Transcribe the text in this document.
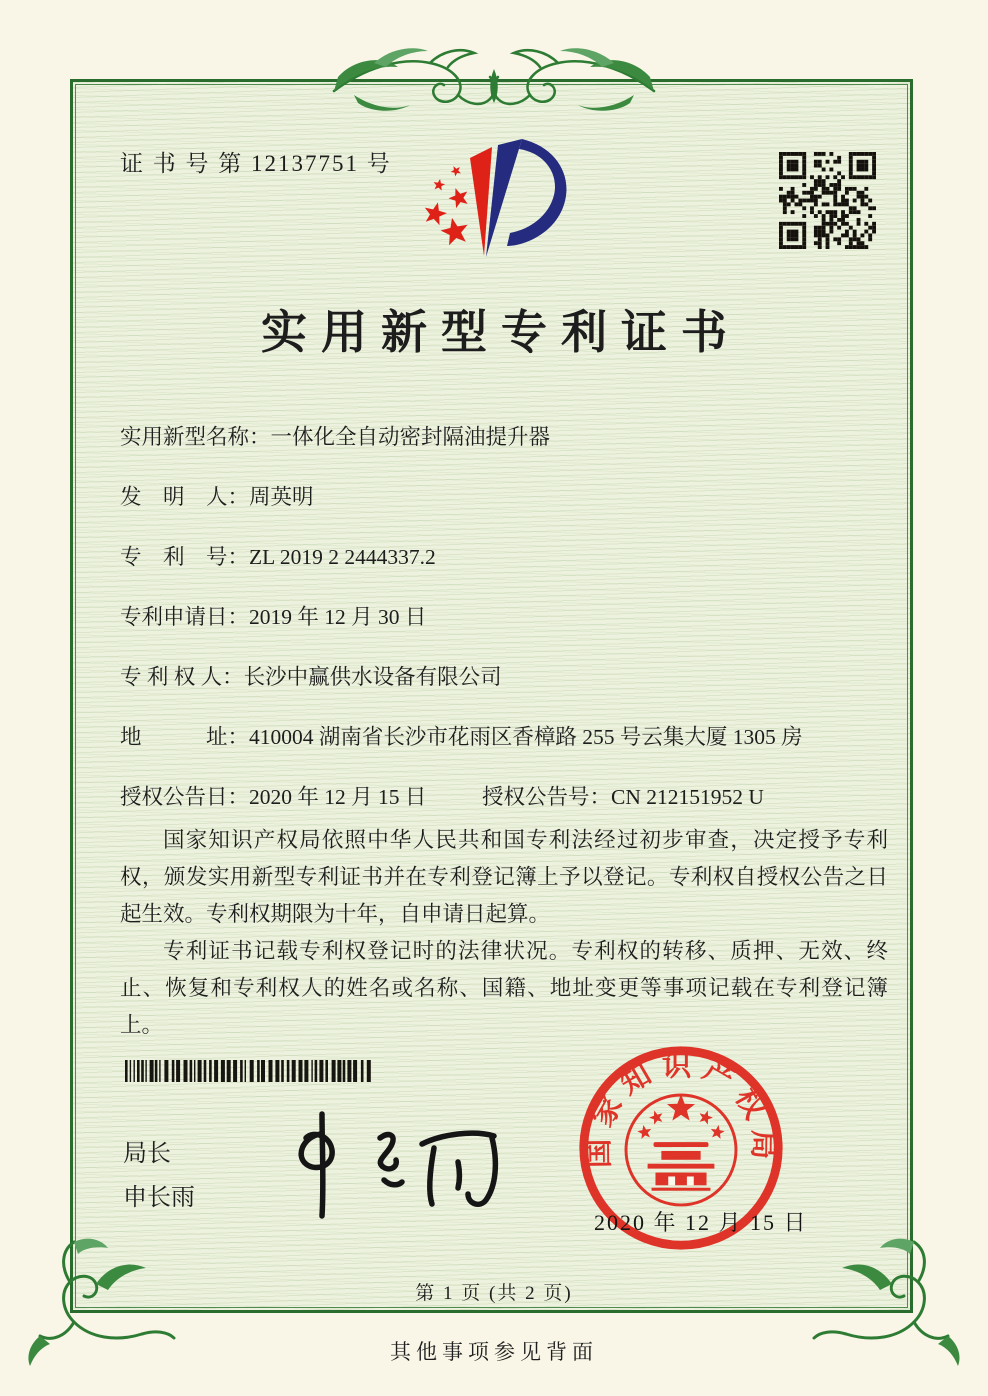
证 书 号 第 12137751 号
实用新型专利证书
实用新型名称：一体化全自动密封隔油提升器
发　明　人：周英明
专　利　号：ZL 2019 2 2444337.2
专利申请日：2019 年 12 月 30 日
专 利 权 人：长沙中赢供水设备有限公司
地　　　址：410004 湖南省长沙市花雨区香樟路 255 号云集大厦 1305 房
授权公告日：2020 年 12 月 15 日	授权公告号：CN 212151952 U

国家知识产权局依照中华人民共和国专利法经过初步审查，决定授予专利权，颁发实用新型专利证书并在专利登记簿上予以登记。专利权自授权公告之日起生效。专利权期限为十年，自申请日起算。

专利证书记载专利权登记时的法律状况。专利权的转移、质押、无效、终止、恢复和专利权人的姓名或名称、国籍、地址变更等事项记载在专利登记簿上。

局长
申长雨
国家知识产权局
2020 年 12 月 15 日
第 1 页 (共 2 页)
其他事项参见背面
